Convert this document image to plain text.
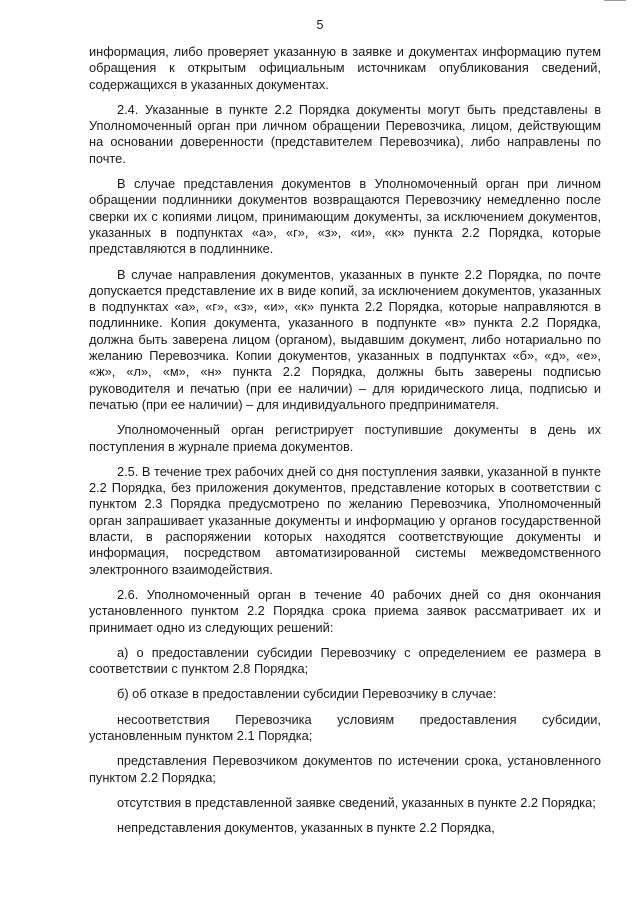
5

информация, либо проверяет указанную в заявке и документах информацию путем обращения к открытым официальным источникам опубликования сведений, содержащихся в указанных документах.

2.4. Указанные в пункте 2.2 Порядка документы могут быть представлены в Уполномоченный орган при личном обращении Перевозчика, лицом, действующим на основании доверенности (представителем Перевозчика), либо направлены по почте.

В случае представления документов в Уполномоченный орган при личном обращении подлинники документов возвращаются Перевозчику немедленно после сверки их с копиями лицом, принимающим документы, за исключением документов, указанных в подпунктах «а», «г», «з», «и», «к» пункта 2.2 Порядка, которые представляются в подлиннике.

В случае направления документов, указанных в пункте 2.2 Порядка, по почте допускается представление их в виде копий, за исключением документов, указанных в подпунктах «а», «г», «з», «и», «к» пункта 2.2 Порядка, которые направляются в подлиннике. Копия документа, указанного в подпункте «в» пункта 2.2 Порядка, должна быть заверена лицом (органом), выдавшим документ, либо нотариально по желанию Перевозчика. Копии документов, указанных в подпунктах «б», «д», «е», «ж», «л», «м», «н» пункта 2.2 Порядка, должны быть заверены подписью руководителя и печатью (при ее наличии) – для юридического лица, подписью и печатью (при ее наличии) – для индивидуального предпринимателя.

Уполномоченный орган регистрирует поступившие документы в день их поступления в журнале приема документов.

2.5. В течение трех рабочих дней со дня поступления заявки, указанной в пункте 2.2 Порядка, без приложения документов, представление которых в соответствии с пунктом 2.3 Порядка предусмотрено по желанию Перевозчика, Уполномоченный орган запрашивает указанные документы и информацию у органов государственной власти, в распоряжении которых находятся соответствующие документы и информация, посредством автоматизированной системы межведомственного электронного взаимодействия.

2.6. Уполномоченный орган в течение 40 рабочих дней со дня окончания установленного пунктом 2.2 Порядка срока приема заявок рассматривает их и принимает одно из следующих решений:

а) о предоставлении субсидии Перевозчику с определением ее размера в соответствии с пунктом 2.8 Порядка;

б) об отказе в предоставлении субсидии Перевозчику в случае:

несоответствия Перевозчика условиям предоставления субсидии, установленным пунктом 2.1 Порядка;

представления Перевозчиком документов по истечении срока, установленного пунктом 2.2 Порядка;

отсутствия в представленной заявке сведений, указанных в пункте 2.2 Порядка;

непредставления документов, указанных в пункте 2.2 Порядка,
